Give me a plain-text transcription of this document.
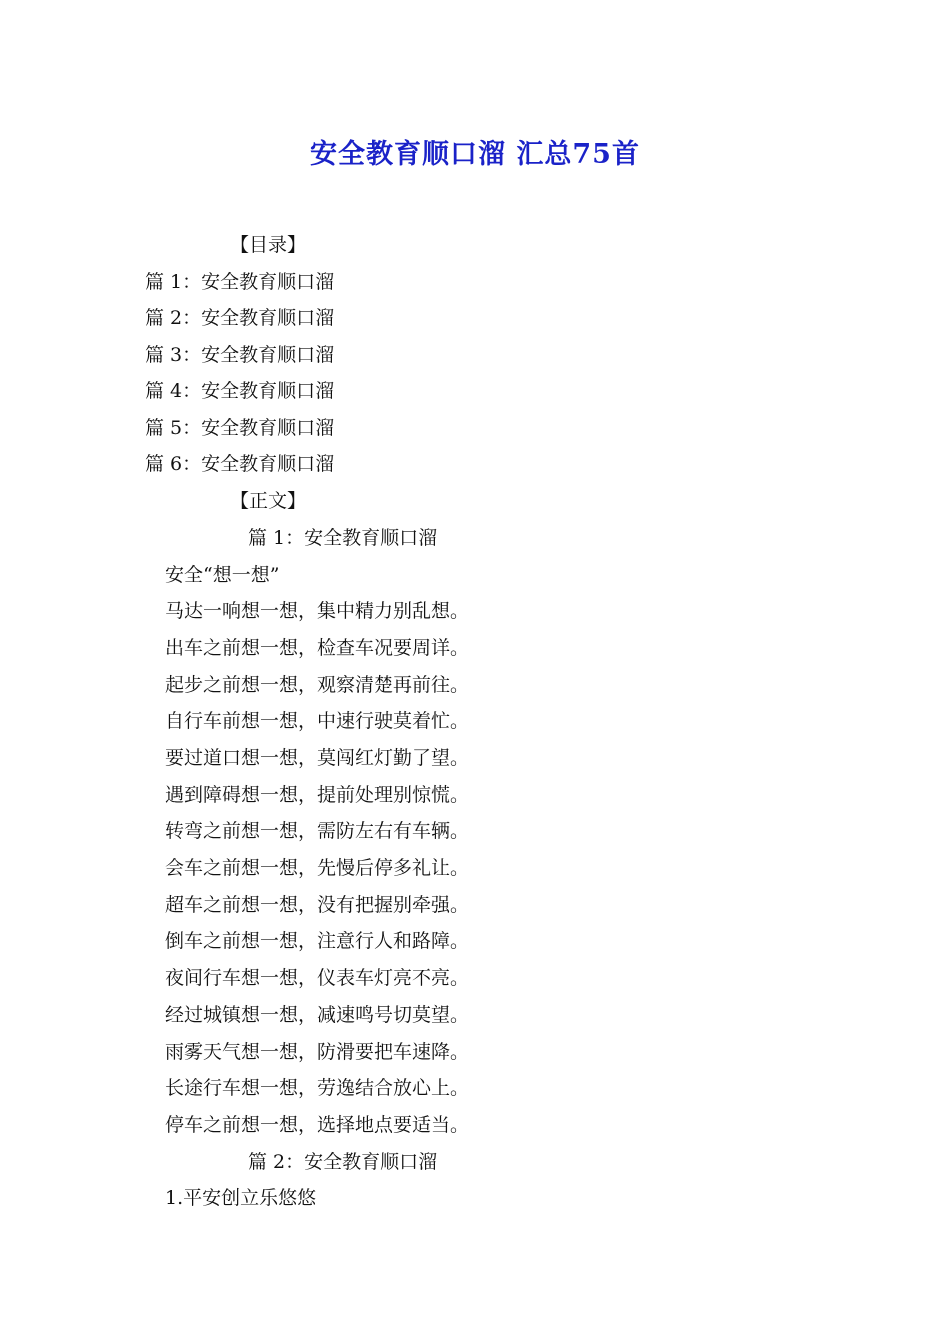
安全教育顺口溜 汇总75首
【目录】
篇 1：安全教育顺口溜
篇 2：安全教育顺口溜
篇 3：安全教育顺口溜
篇 4：安全教育顺口溜
篇 5：安全教育顺口溜
篇 6：安全教育顺口溜
【正文】
篇 1：安全教育顺口溜
安全“想一想”
马达一响想一想，集中精力别乱想。
出车之前想一想，检查车况要周详。
起步之前想一想，观察清楚再前往。
自行车前想一想，中速行驶莫着忙。
要过道口想一想，莫闯红灯勤了望。
遇到障碍想一想，提前处理别惊慌。
转弯之前想一想，需防左右有车辆。
会车之前想一想，先慢后停多礼让。
超车之前想一想，没有把握别牵强。
倒车之前想一想，注意行人和路障。
夜间行车想一想，仪表车灯亮不亮。
经过城镇想一想，减速鸣号切莫望。
雨雾天气想一想，防滑要把车速降。
长途行车想一想，劳逸结合放心上。
停车之前想一想，选择地点要适当。
篇 2：安全教育顺口溜
1.平安创立乐悠悠
